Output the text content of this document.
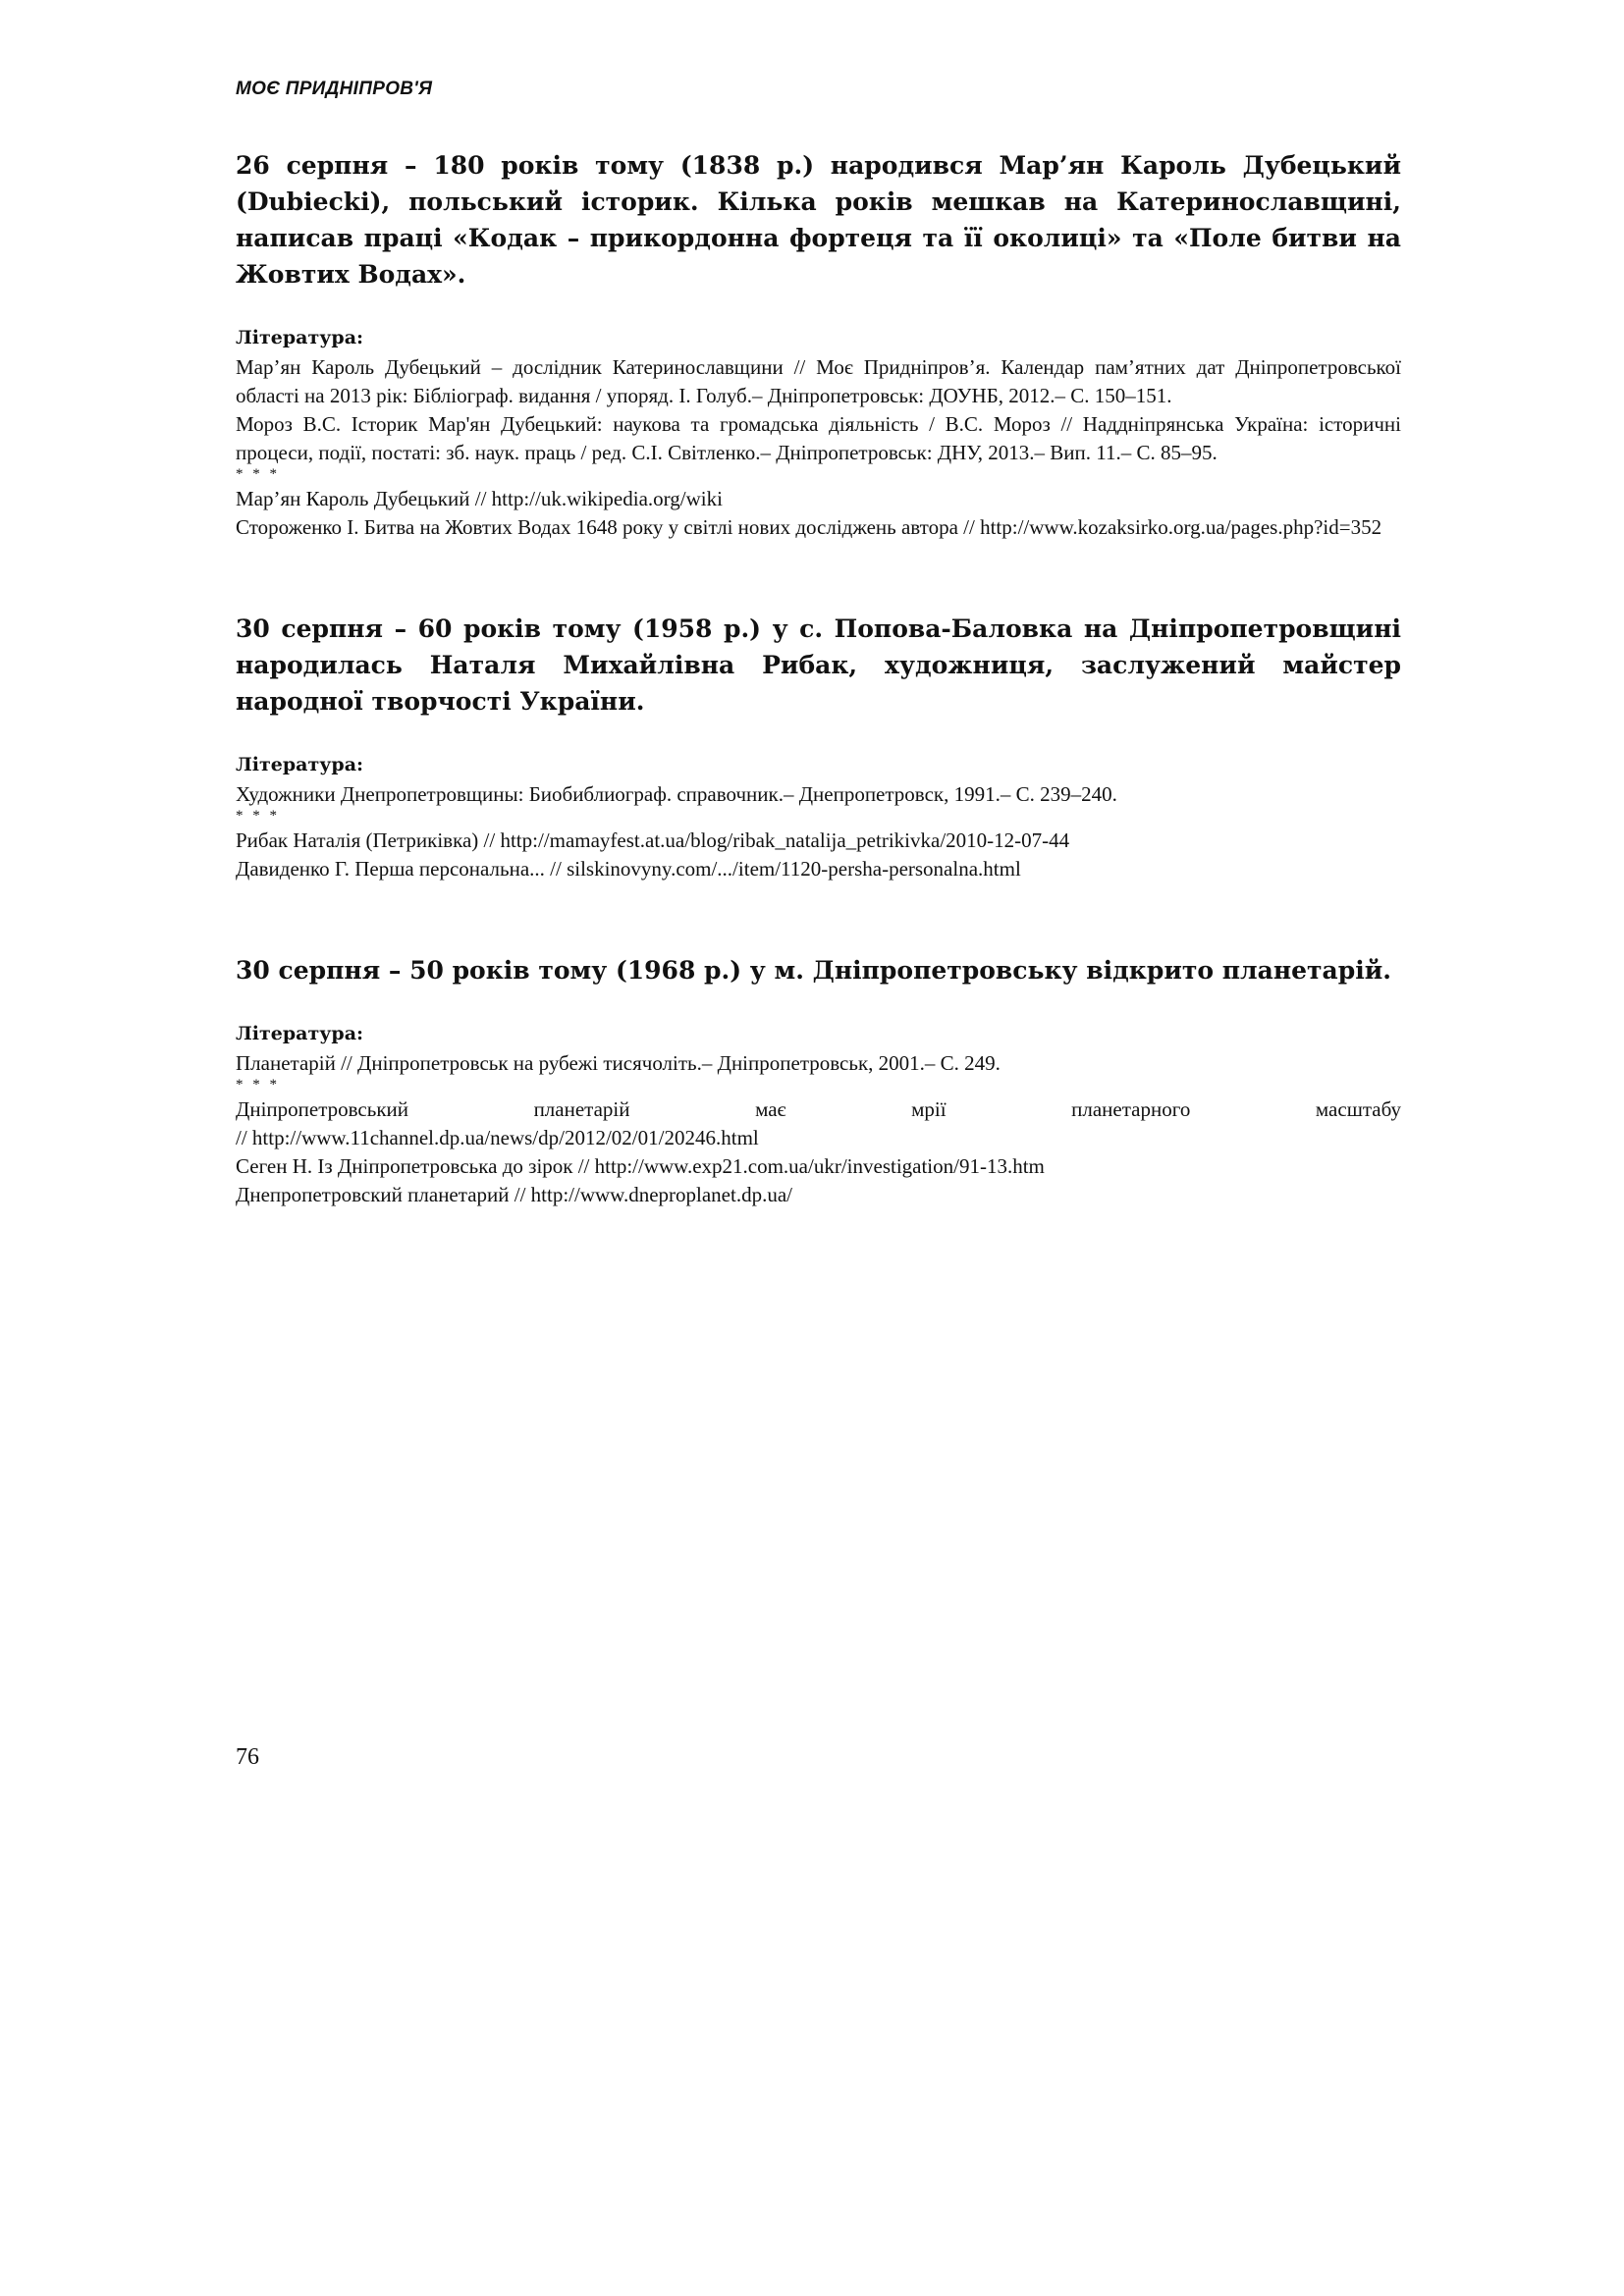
МОЄ ПРИДНІПРОВ'Я

26 серпня – 180 років тому (1838 р.) народився Мар’ян Кароль Дубецький (Dubiecki), польський історик. Кілька років мешкав на Катеринославщині, написав праці «Кодак – прикордонна фортеця та її околиці» та «Поле битви на Жовтих Водах».

Література:

Мар’ян Кароль Дубецький – дослідник Катеринославщини // Моє Придніпров’я. Календар пам’ятних дат Дніпропетровської області на 2013 рік: Бібліограф. видання / упоряд. І. Голуб.– Дніпропетровськ: ДОУНБ, 2012.– С. 150–151.

Мороз В.С. Історик Мар'ян Дубецький: наукова та громадська діяльність / В.С. Мороз // Наддніпрянська Україна: історичні процеси, події, постаті: зб. наук. праць / ред. С.І. Світленко.– Дніпропетровськ: ДНУ, 2013.– Вип. 11.– С. 85–95.

* * *

Мар’ян Кароль Дубецький // http://uk.wikipedia.org/wiki

Стороженко І. Битва на Жовтих Водах 1648 року у світлі нових досліджень автора // http://www.kozaksirko.org.ua/pages.php?id=352

30 серпня – 60 років тому (1958 р.) у с. Попова-Баловка на Дніпропетровщині народилась Наталя Михайлівна Рибак, художниця, заслужений майстер народної творчості України.

Література:

Художники Днепропетровщины: Биобиблиограф. справочник.– Днепропетровск, 1991.– С. 239–240.

* * *

Рибак Наталія (Петриківка) // http://mamayfest.at.ua/blog/ribak_natalija_petrikivka/2010-12-07-44

Давиденко Г. Перша персональна... // silskinovyny.com/.../item/1120-persha-personalna.html

30 серпня – 50 років тому (1968 р.) у м. Дніпропетровську відкрито планетарій.

Література:

Планетарій // Дніпропетровськ на рубежі тисячоліть.– Дніпропетровськ, 2001.– С. 249.

* * *

Дніпропетровський планетарій має мрії планетарного масштабу

// http://www.11channel.dp.ua/news/dp/2012/02/01/20246.html

Сеген Н. Із Дніпропетровська до зірок // http://www.exp21.com.ua/ukr/investigation/91-13.htm

Днепропетровский планетарий // http://www.dneproplanet.dp.ua/

76
